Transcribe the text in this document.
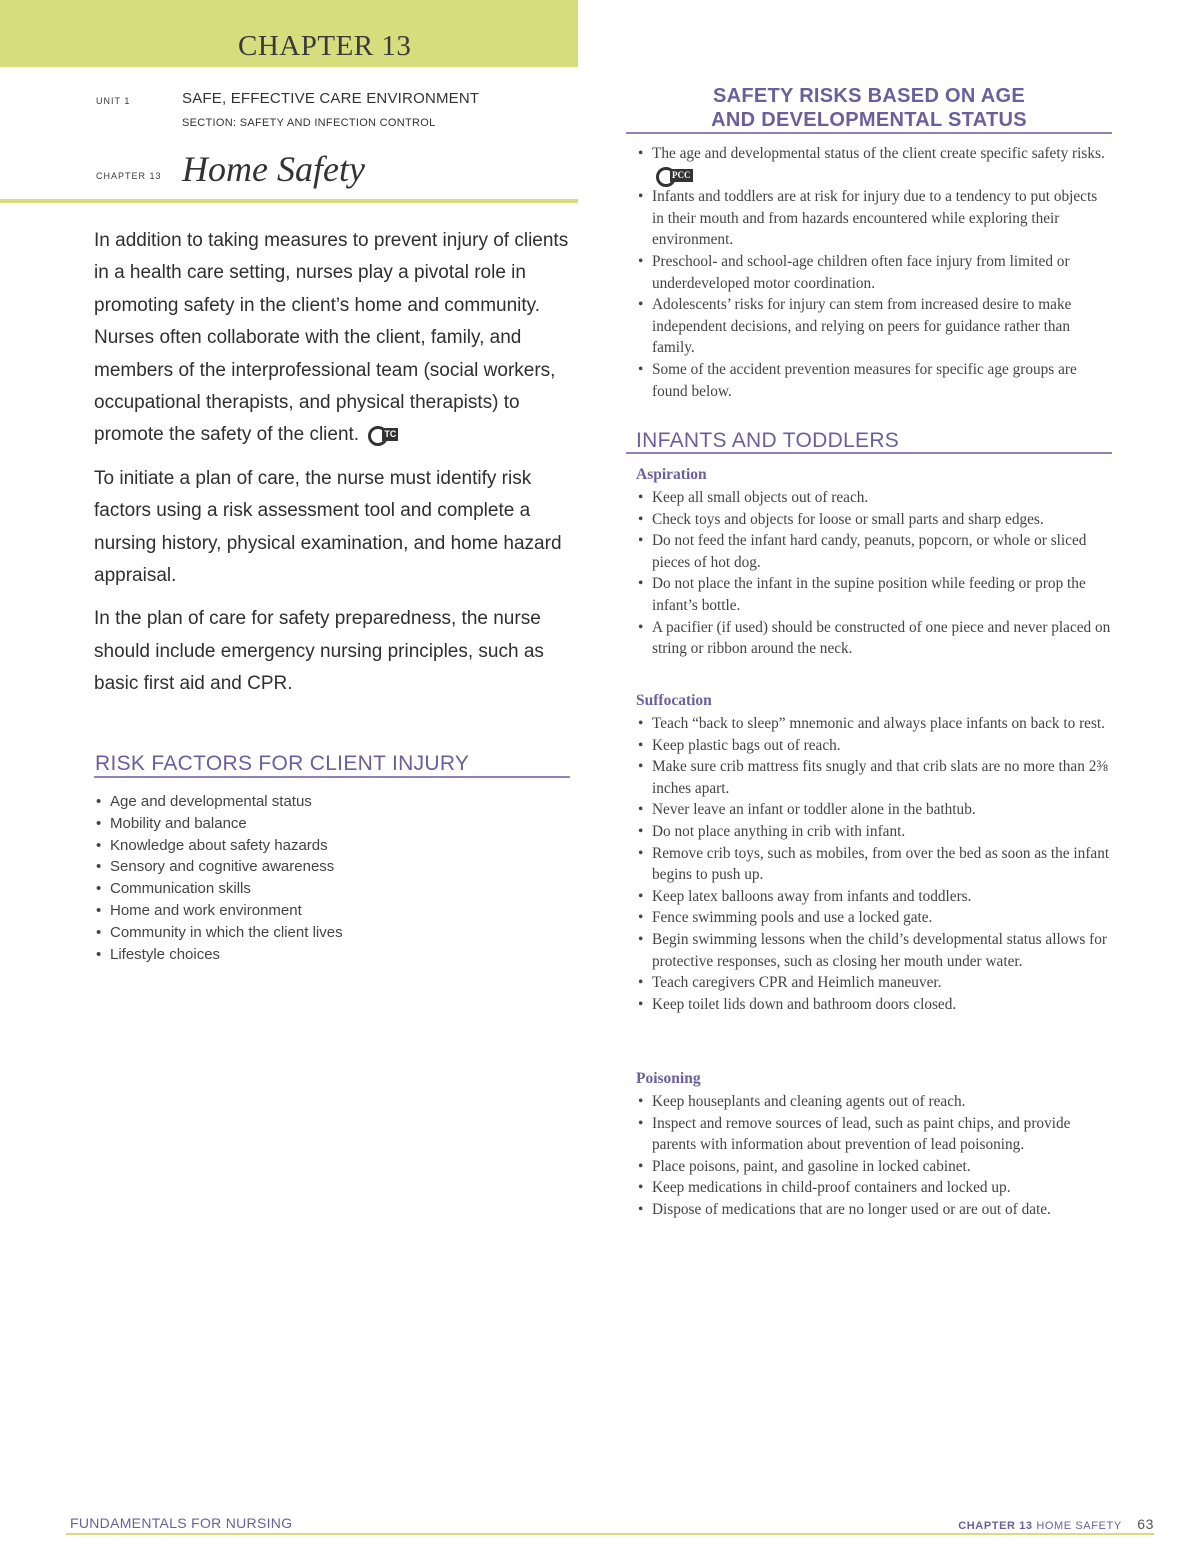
CHAPTER 13
UNIT 1	SAFE, EFFECTIVE CARE ENVIRONMENT
SECTION: SAFETY AND INFECTION CONTROL
CHAPTER 13 Home Safety

In addition to taking measures to prevent injury of clients in a health care setting, nurses play a pivotal role in promoting safety in the client’s home and community. Nurses often collaborate with the client, family, and members of the interprofessional team (social workers, occupational therapists, and physical therapists) to promote the safety of the client.	TC

To initiate a plan of care, the nurse must identify risk factors using a risk assessment tool and complete a nursing history, physical examination, and home hazard appraisal.

In the plan of care for safety preparedness, the nurse should include emergency nursing principles, such as basic first aid and CPR.

RISK FACTORS FOR CLIENT INJURY
• Age and developmental status
• Mobility and balance
• Knowledge about safety hazards
• Sensory and cognitive awareness
• Communication skills
• Home and work environment
• Community in which the client lives
• Lifestyle choices
SAFETY RISKS BASED ON AGE
AND DEVELOPMENTAL STATUS
• The age and developmental status of the client create specific safety risks.
PCC
• Infants and toddlers are at risk for injury due to a tendency to put objects in their mouth and from hazards encountered while exploring their environment.
• Preschool- and school-age children often face injury from limited or underdeveloped motor coordination.
• Adolescents’ risks for injury can stem from increased desire to make independent decisions, and relying on peers for guidance rather than family.
• Some of the accident prevention measures for specific age groups are found below.
INFANTS AND TODDLERS
Aspiration
• Keep all small objects out of reach.
• Check toys and objects for loose or small parts and sharp edges.
• Do not feed the infant hard candy, peanuts, popcorn, or whole or sliced pieces of hot dog.
• Do not place the infant in the supine position while feeding or prop the infant’s bottle.
• A pacifier (if used) should be constructed of one piece and never placed on string or ribbon around the neck.
Suffocation
• Teach “back to sleep” mnemonic and always place infants on back to rest.
• Keep plastic bags out of reach.
• Make sure crib mattress fits snugly and that crib slats are no more than 2⅜ inches apart.
• Never leave an infant or toddler alone in the bathtub.
• Do not place anything in crib with infant.
• Remove crib toys, such as mobiles, from over the bed as soon as the infant begins to push up.
• Keep latex balloons away from infants and toddlers.
• Fence swimming pools and use a locked gate.
• Begin swimming lessons when the child’s developmental status allows for protective responses, such as closing her mouth under water.
• Teach caregivers CPR and Heimlich maneuver.
• Keep toilet lids down and bathroom doors closed.
Poisoning
• Keep houseplants and cleaning agents out of reach.
• Inspect and remove sources of lead, such as paint chips, and provide parents with information about prevention of lead poisoning.
• Place poisons, paint, and gasoline in locked cabinet.
• Keep medications in child-proof containers and locked up.
• Dispose of medications that are no longer used or are out of date.
FUNDAMENTALS FOR NURSING	CHAPTER 13 HOME SAFETY 63
